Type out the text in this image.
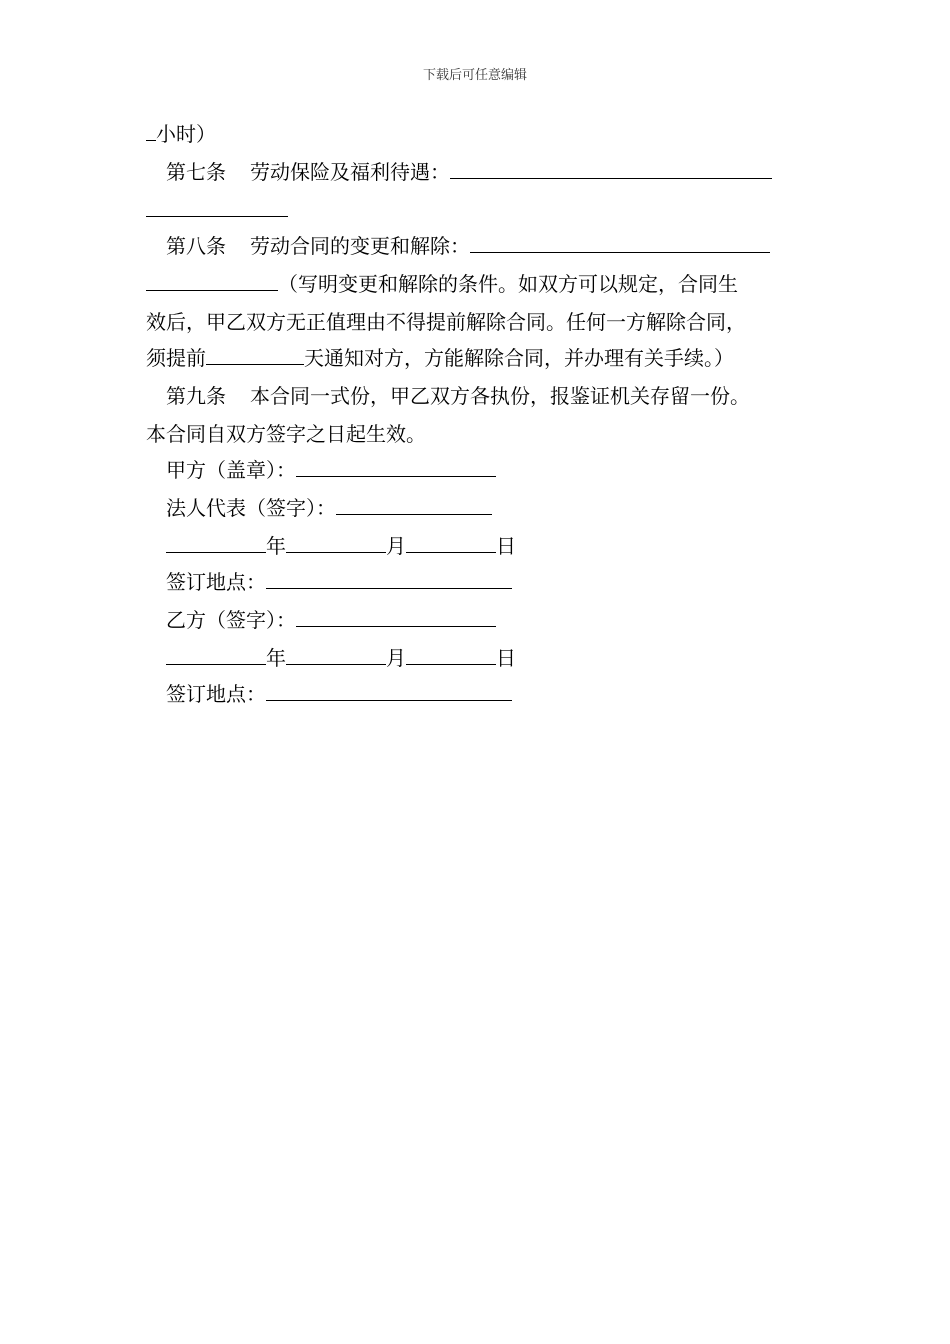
下载后可任意编辑
小时）
第七条 劳动保险及福利待遇：
第八条 劳动合同的变更和解除：
（写明变更和解除的条件。如双方可以规定，合同生
效后，甲乙双方无正值理由不得提前解除合同。任何一方解除合同，
须提前	天通知对方，方能解除合同，并办理有关手续。）
第九条 本合同一式份，甲乙双方各执份，报鉴证机关存留一份。
本合同自双方签字之日起生效。
甲方（盖章）：
法人代表（签字）：
年	月	日
签订地点：
乙方（签字）：
年	月	日
签订地点：
